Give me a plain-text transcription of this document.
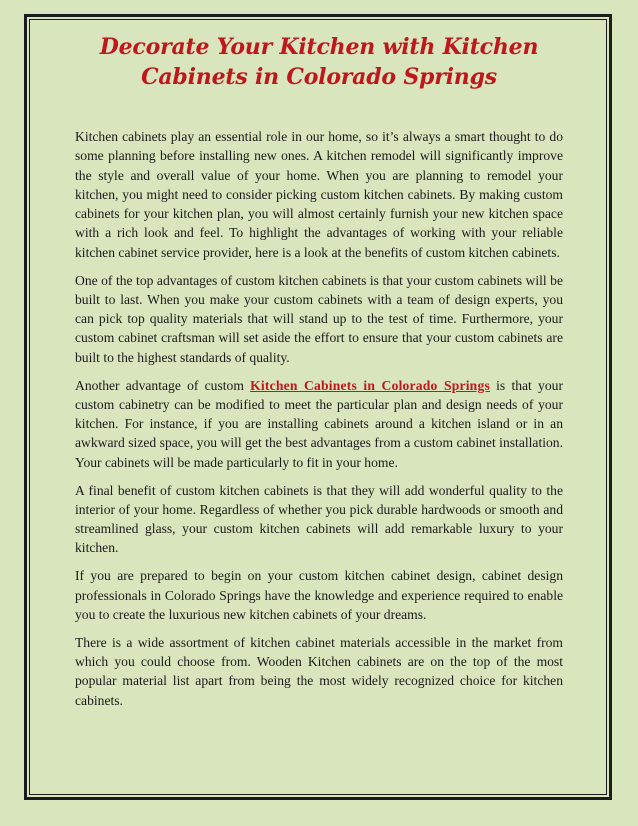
Decorate Your Kitchen with Kitchen Cabinets in Colorado Springs

Kitchen cabinets play an essential role in our home, so it’s always a smart thought to do some planning before installing new ones. A kitchen remodel will significantly improve the style and overall value of your home. When you are planning to remodel your kitchen, you might need to consider picking custom kitchen cabinets. By making custom cabinets for your kitchen plan, you will almost certainly furnish your new kitchen space with a rich look and feel. To highlight the advantages of working with your reliable kitchen cabinet service provider, here is a look at the benefits of custom kitchen cabinets.

One of the top advantages of custom kitchen cabinets is that your custom cabinets will be built to last. When you make your custom cabinets with a team of design experts, you can pick top quality materials that will stand up to the test of time. Furthermore, your custom cabinet craftsman will set aside the effort to ensure that your custom cabinets are built to the highest standards of quality.

Another advantage of custom Kitchen Cabinets in Colorado Springs is that your custom cabinetry can be modified to meet the particular plan and design needs of your kitchen. For instance, if you are installing cabinets around a kitchen island or in an awkward sized space, you will get the best advantages from a custom cabinet installation. Your cabinets will be made particularly to fit in your home.

A final benefit of custom kitchen cabinets is that they will add wonderful quality to the interior of your home. Regardless of whether you pick durable hardwoods or smooth and streamlined glass, your custom kitchen cabinets will add remarkable luxury to your kitchen.

If you are prepared to begin on your custom kitchen cabinet design, cabinet design professionals in Colorado Springs have the knowledge and experience required to enable you to create the luxurious new kitchen cabinets of your dreams.

There is a wide assortment of kitchen cabinet materials accessible in the market from which you could choose from. Wooden Kitchen cabinets are on the top of the most popular material list apart from being the most widely recognized choice for kitchen cabinets.
